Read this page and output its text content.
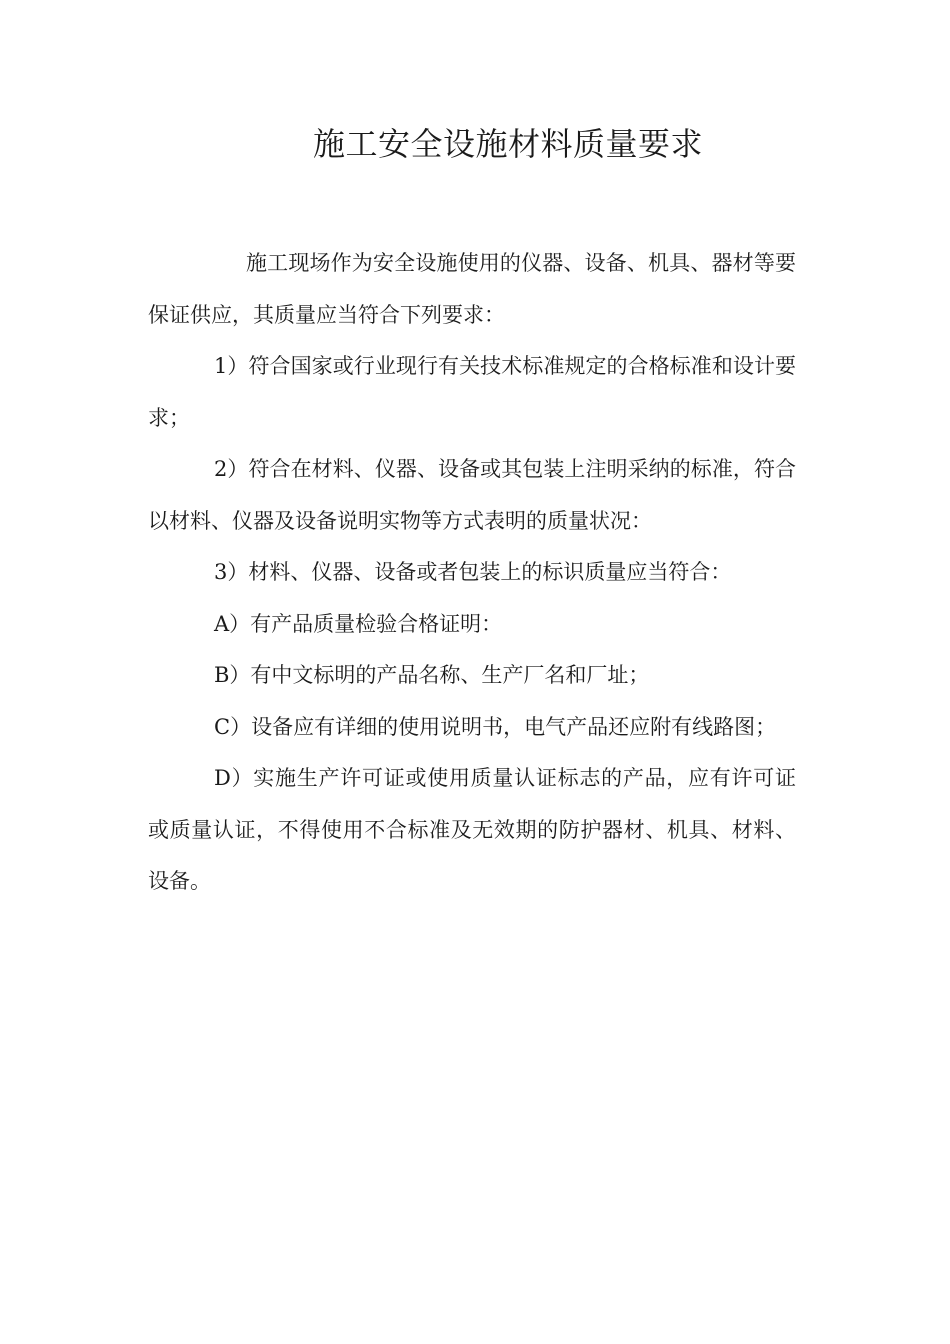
施工安全设施材料质量要求

施工现场作为安全设施使用的仪器、设备、机具、器材等要保证供应，其质量应当符合下列要求：

1）符合国家或行业现行有关技术标准规定的合格标准和设计要求；

2）符合在材料、仪器、设备或其包装上注明采纳的标准，符合以材料、仪器及设备说明实物等方式表明的质量状况：

3）材料、仪器、设备或者包装上的标识质量应当符合：

A）有产品质量检验合格证明：

B）有中文标明的产品名称、生产厂名和厂址；

C）设备应有详细的使用说明书，电气产品还应附有线路图；

D）实施生产许可证或使用质量认证标志的产品，应有许可证或质量认证，不得使用不合标准及无效期的防护器材、机具、材料、设备。
